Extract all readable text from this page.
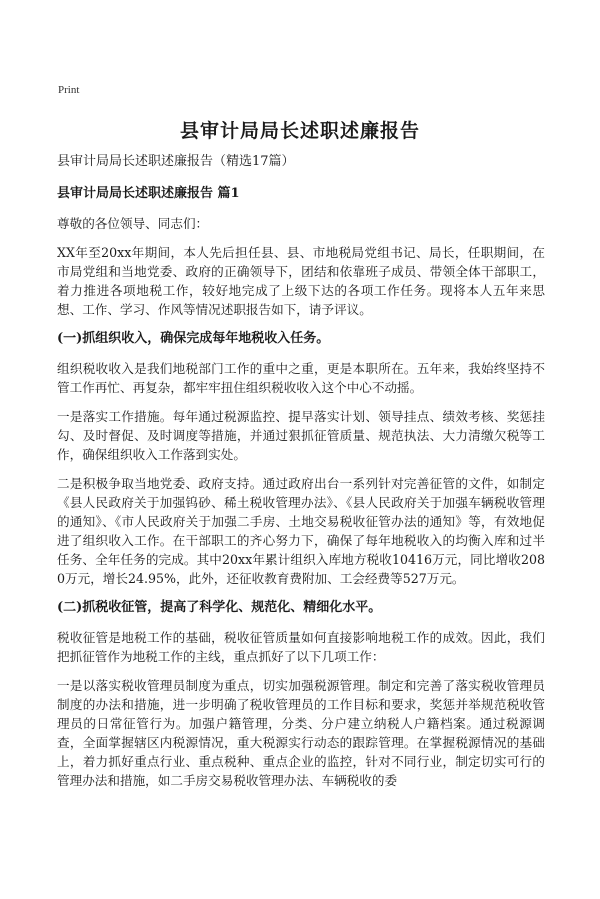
Print
县审计局局长述职述廉报告

县审计局局长述职述廉报告（精选17篇）

县审计局局长述职述廉报告 篇1

尊敬的各位领导、同志们：

XX年至20xx年期间，本人先后担任县、县、市地税局党组书记、局长，任职期间，在市局党组和当地党委、政府的正确领导下，团结和依靠班子成员、带领全体干部职工，着力推进各项地税工作，较好地完成了上级下达的各项工作任务。现将本人五年来思想、工作、学习、作风等情况述职报告如下，请予评议。

(一)抓组织收入，确保完成每年地税收入任务。

组织税收收入是我们地税部门工作的重中之重，更是本职所在。五年来，我始终坚持不管工作再忙、再复杂，都牢牢扭住组织税收收入这个中心不动摇。

一是落实工作措施。每年通过税源监控、提早落实计划、领导挂点、绩效考核、奖惩挂勾、及时督促、及时调度等措施，并通过狠抓征管质量、规范执法、大力清缴欠税等工作，确保组织收入工作落到实处。

二是积极争取当地党委、政府支持。通过政府出台一系列针对完善征管的文件，如制定《县人民政府关于加强钨砂、稀土税收管理办法》、《县人民政府关于加强车辆税收管理的通知》、《市人民政府关于加强二手房、土地交易税收征管办法的通知》等，有效地促进了组织收入工作。在干部职工的齐心努力下，确保了每年地税收入的均衡入库和过半任务、全年任务的完成。其中20xx年累计组织入库地方税收10416万元，同比增收2080万元，增长24.95%，此外，还征收教育费附加、工会经费等527万元。

(二)抓税收征管，提高了科学化、规范化、精细化水平。

税收征管是地税工作的基础，税收征管质量如何直接影响地税工作的成效。因此，我们把抓征管作为地税工作的主线，重点抓好了以下几项工作：

一是以落实税收管理员制度为重点，切实加强税源管理。制定和完善了落实税收管理员制度的办法和措施，进一步明确了税收管理员的工作目标和要求，奖惩并举规范税收管理员的日常征管行为。加强户籍管理，分类、分户建立纳税人户籍档案。通过税源调查，全面掌握辖区内税源情况，重大税源实行动态的跟踪管理。在掌握税源情况的基础上，着力抓好重点行业、重点税种、重点企业的监控，针对不同行业，制定切实可行的管理办法和措施，如二手房交易税收管理办法、车辆税收的委
